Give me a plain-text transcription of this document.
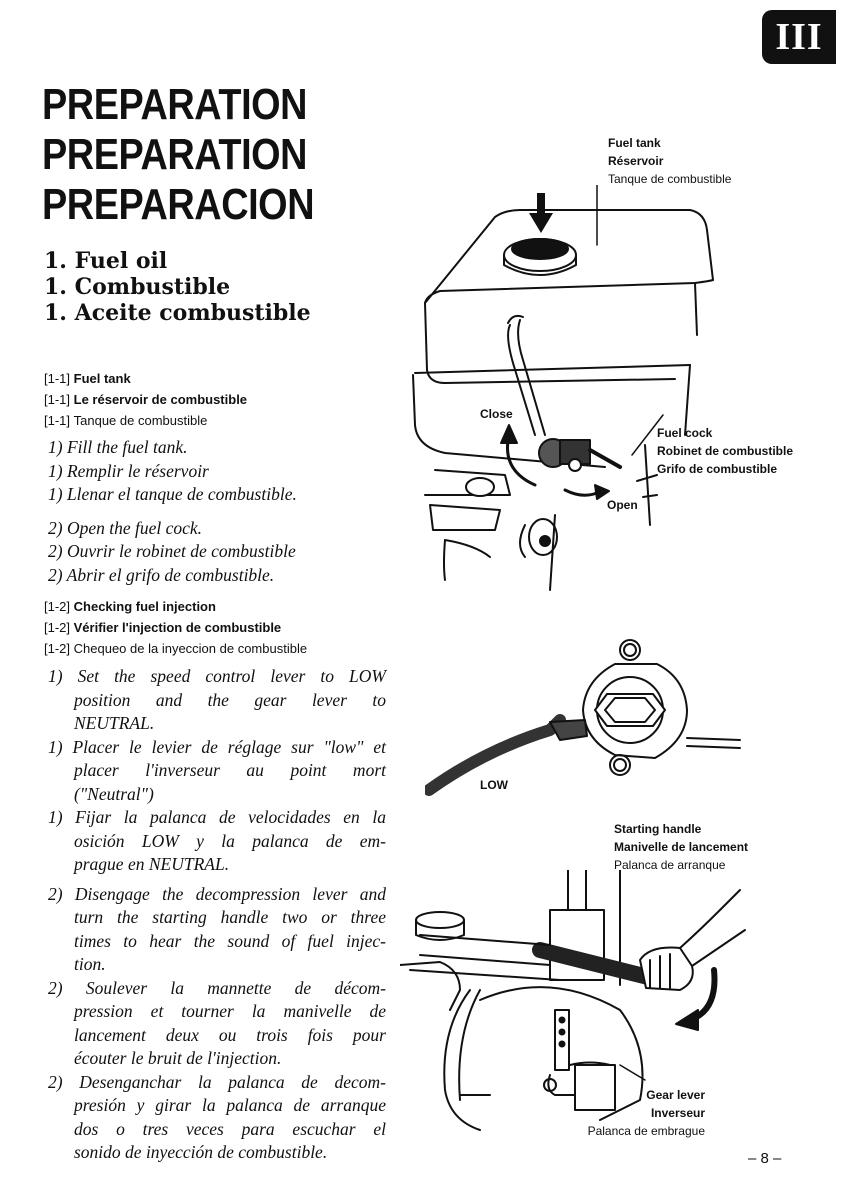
III
PREPARATION
PREPARATION
PREPARACION
1. Fuel oil
1. Combustible
1. Aceite combustible
[1-1] Fuel tank
[1-1] Le réservoir de combustible
[1-1] Tanque de combustible
1) Fill the fuel tank.
1) Remplir le réservoir
1) Llenar el tanque de combustible.
2) Open the fuel cock.
2) Ouvrir le robinet de combustible
2) Abrir el grifo de combustible.
[1-2] Checking fuel injection
[1-2] Vérifier l'injection de combustible
[1-2] Chequeo de la inyeccion de combustible
1) Set the speed control lever to LOW
position and the gear lever to
NEUTRAL.
1) Placer le levier de réglage sur "low" et
placer l'inverseur au point mort
("Neutral")
1) Fijar la palanca de velocidades en la
osición LOW y la palanca de em-
prague en NEUTRAL.
2) Disengage the decompression lever and
turn the starting handle two or three
times to hear the sound of fuel injec-
tion.
2) Soulever la mannette de décom-
pression et tourner la manivelle de
lancement deux ou trois fois pour
écouter le bruit de l'injection.
2) Desenganchar la palanca de decom-
presión y girar la palanca de arranque
dos o tres veces para escuchar el
sonido de inyección de combustible.
Fuel tank
Réservoir
Tanque de combustible
Close
Fuel cock
Robinet de combustible
Grifo de combustible
Open
LOW
Starting handle
Manivelle de lancement
Palanca de arranque
Gear lever
Inverseur
Palanca de embrague
– 8 –
